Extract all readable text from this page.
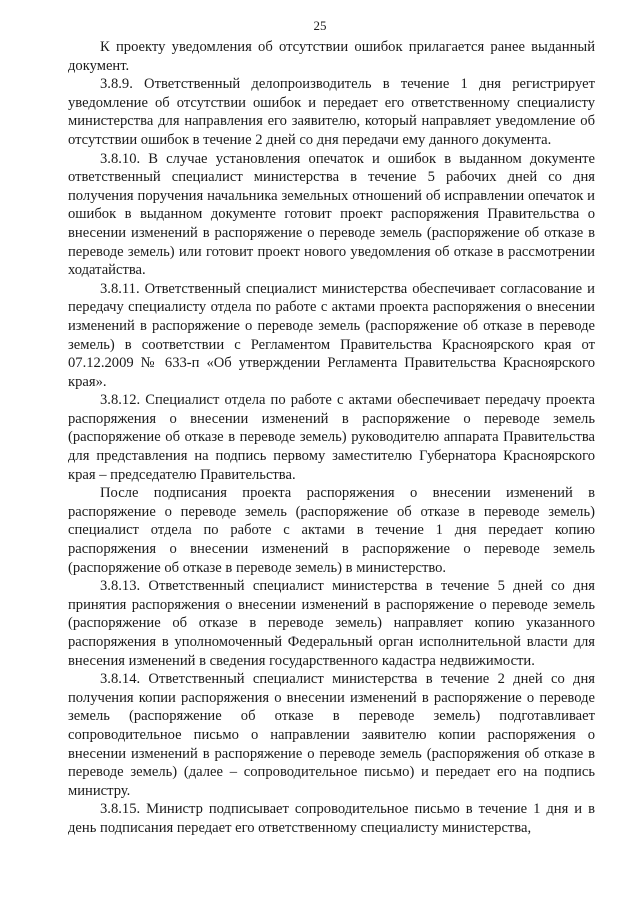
25

К проекту уведомления об отсутствии ошибок прилагается ранее выданный документ.

3.8.9. Ответственный делопроизводитель в течение 1 дня регистрирует уведомление об отсутствии ошибок и передает его ответственному специалисту министерства для направления его заявителю, который направляет уведомление об отсутствии ошибок в течение 2 дней со дня передачи ему данного документа.

3.8.10. В случае установления опечаток и ошибок в выданном документе ответственный специалист министерства в течение 5 рабочих дней со дня получения поручения начальника земельных отношений об исправлении опечаток и ошибок в выданном документе готовит проект распоряжения Правительства о внесении изменений в распоряжение о переводе земель (распоряжение об отказе в переводе земель) или готовит проект нового уведомления об отказе в рассмотрении ходатайства.

3.8.11. Ответственный специалист министерства обеспечивает согласование и передачу специалисту отдела по работе с актами проекта распоряжения о внесении изменений в распоряжение о переводе земель (распоряжение об отказе в переводе земель) в соответствии с Регламентом Правительства Красноярского края от 07.12.2009 № 633-п «Об утверждении Регламента Правительства Красноярского края».

3.8.12. Специалист отдела по работе с актами обеспечивает передачу проекта распоряжения о внесении изменений в распоряжение о переводе земель (распоряжение об отказе в переводе земель) руководителю аппарата Правительства для представления на подпись первому заместителю Губернатора Красноярского края – председателю Правительства.

После подписания проекта распоряжения о внесении изменений в распоряжение о переводе земель (распоряжение об отказе в переводе земель) специалист отдела по работе с актами в течение 1 дня передает копию распоряжения о внесении изменений в распоряжение о переводе земель (распоряжение об отказе в переводе земель) в министерство.

3.8.13. Ответственный специалист министерства в течение 5 дней со дня принятия распоряжения о внесении изменений в распоряжение о переводе земель (распоряжение об отказе в переводе земель) направляет копию указанного распоряжения в уполномоченный Федеральный орган исполнительной власти для внесения изменений в сведения государственного кадастра недвижимости.

3.8.14. Ответственный специалист министерства в течение 2 дней со дня получения копии распоряжения о внесении изменений в распоряжение о переводе земель (распоряжение об отказе в переводе земель) подготавливает сопроводительное письмо о направлении заявителю копии распоряжения о внесении изменений в распоряжение о переводе земель (распоряжения об отказе в переводе земель) (далее – сопроводительное письмо) и передает его на подпись министру.

3.8.15. Министр подписывает сопроводительное письмо в течение 1 дня и в день подписания передает его ответственному специалисту министерства,
